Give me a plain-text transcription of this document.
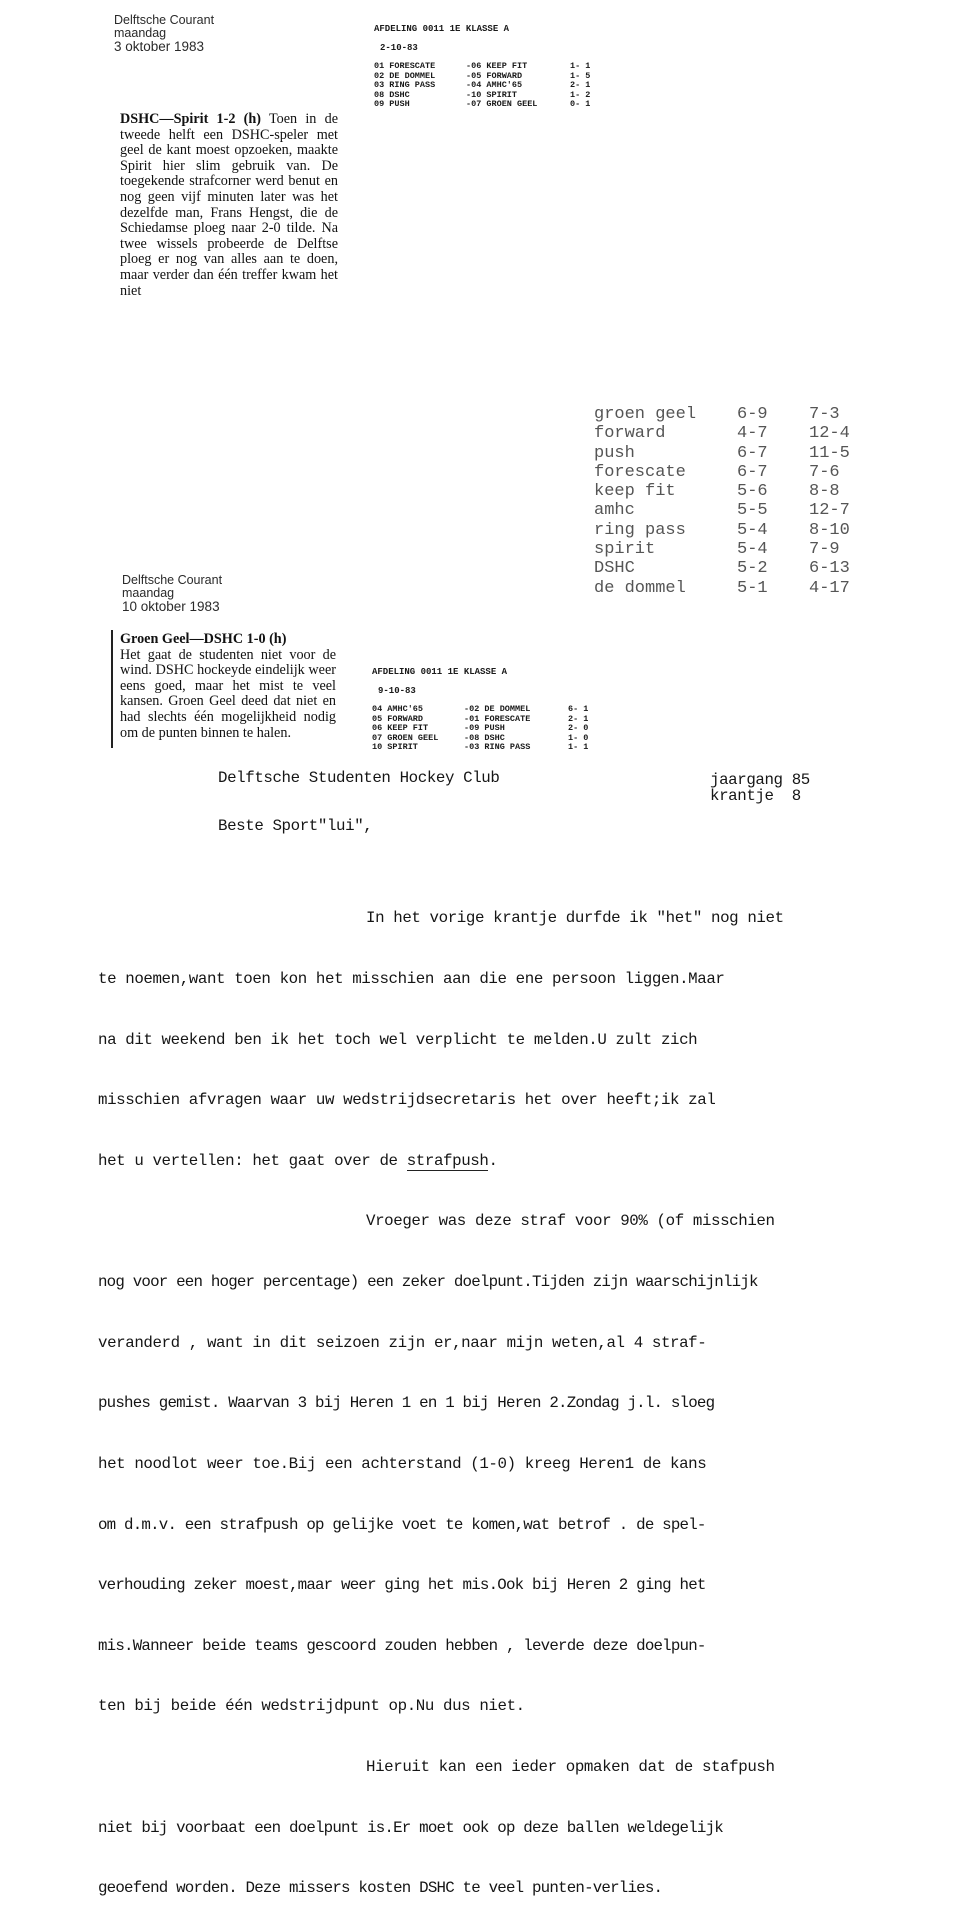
Delftsche Courant
maandag
3 oktober 1983
AFDELING 0011 1E KLASSE A
2-10-83
01 FORESCATE	-06 KEEP FIT	1- 1
02 DE DOMMEL	-05 FORWARD	1- 5
03 RING PASS	-04 AMHC'65	2- 1
08 DSHC	-10 SPIRIT	1- 2
09 PUSH	-07 GROEN GEEL	0- 1
DSHC—Spirit 1-2 (h) Toen in de tweede helft een DSHC-speler met geel de kant moest opzoeken, maakte Spirit hier slim gebruik van. De toegekende strafcorner werd benut en nog geen vijf minuten later was het dezelfde man, Frans Hengst, die de Schiedamse ploeg naar 2-0 tilde. Na twee wissels probeerde de Delftse ploeg er nog van alles aan te doen, maar verder dan één treffer kwam het niet
groen geel	6-9	7-3
forward	4-7	12-4
push	6-7	11-5
forescate	6-7	7-6
keep fit	5-6	8-8
amhc	5-5	12-7
ring pass	5-4	8-10
spirit	5-4	7-9
DSHC	5-2	6-13
de dommel	5-1	4-17
Delftsche Courant
maandag
10 oktober 1983
Groen Geel—DSHC 1-0 (h)
Het gaat de studenten niet voor de wind. DSHC hockeyde eindelijk weer eens goed, maar het mist te veel kansen. Groen Geel deed dat niet en had slechts één mogelijkheid nodig om de punten binnen te halen.
AFDELING 0011 1E KLASSE A
9-10-83
04 AMHC'65	-02 DE DOMMEL	6- 1
05 FORWARD	-01 FORESCATE	2- 1
06 KEEP FIT	-09 PUSH	2- 0
07 GROEN GEEL	-08 DSHC	1- 0
10 SPIRIT	-03 RING PASS	1- 1
Delftsche Studenten Hockey Club	jaargang 85
krantje  8
Beste Sport"lui",

In het vorige krantje durfde ik "het" nog niet

te noemen,want toen kon het misschien aan die ene persoon liggen.Maar

na dit weekend ben ik het toch wel verplicht te melden.U zult zich

misschien afvragen waar uw wedstrijdsecretaris het over heeft;ik zal

het u vertellen: het gaat over de strafpush.

Vroeger was deze straf voor 90% (of misschien

nog voor een hoger percentage) een zeker doelpunt.Tijden zijn waarschijnlijk

veranderd , want in dit seizoen zijn er,naar mijn weten,al 4 straf-

pushes gemist. Waarvan 3 bij Heren 1 en 1 bij Heren 2.Zondag j.l. sloeg

het noodlot weer toe.Bij een achterstand (1-0) kreeg Heren1 de kans

om d.m.v. een strafpush op gelijke voet te komen,wat betrof . de spel-

verhouding zeker moest,maar weer ging het mis.Ook bij Heren 2 ging het

mis.Wanneer beide teams gescoord zouden hebben , leverde deze doelpun-

ten bij beide één wedstrijdpunt op.Nu dus niet.

Hieruit kan een ieder opmaken dat de stafpush

niet bij voorbaat een doelpunt is.Er moet ook op deze ballen weldegelijk

geoefend worden. Deze missers kosten DSHC te veel punten-verlies.
